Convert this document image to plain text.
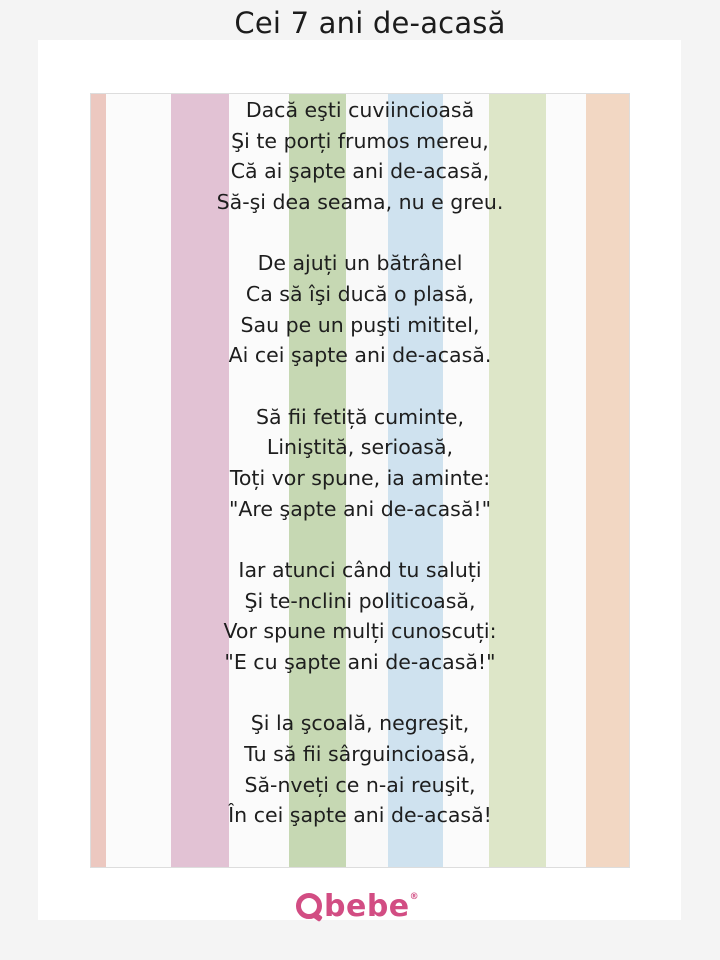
Cei 7 ani de-acasă
Dacă eşti cuviincioasă
Şi te porți frumos mereu,
Că ai şapte ani de-acasă,
Să-şi dea seama, nu e greu.
De ajuți un bătrânel
Ca să îşi ducă o plasă,
Sau pe un puşti mititel,
Ai cei şapte ani de-acasă.
Să fii fetiță cuminte,
Liniştită, serioasă,
Toți vor spune, ia aminte:
"Are şapte ani de-acasă!"
Iar atunci când tu saluți
Şi te-nclini politicoasă,
Vor spune mulți cunoscuți:
"E cu şapte ani de-acasă!"
Şi la şcoală, negreşit,
Tu să fii sârguincioasă,
Să-nveți ce n-ai reuşit,
În cei şapte ani de-acasă!
bebe ®
